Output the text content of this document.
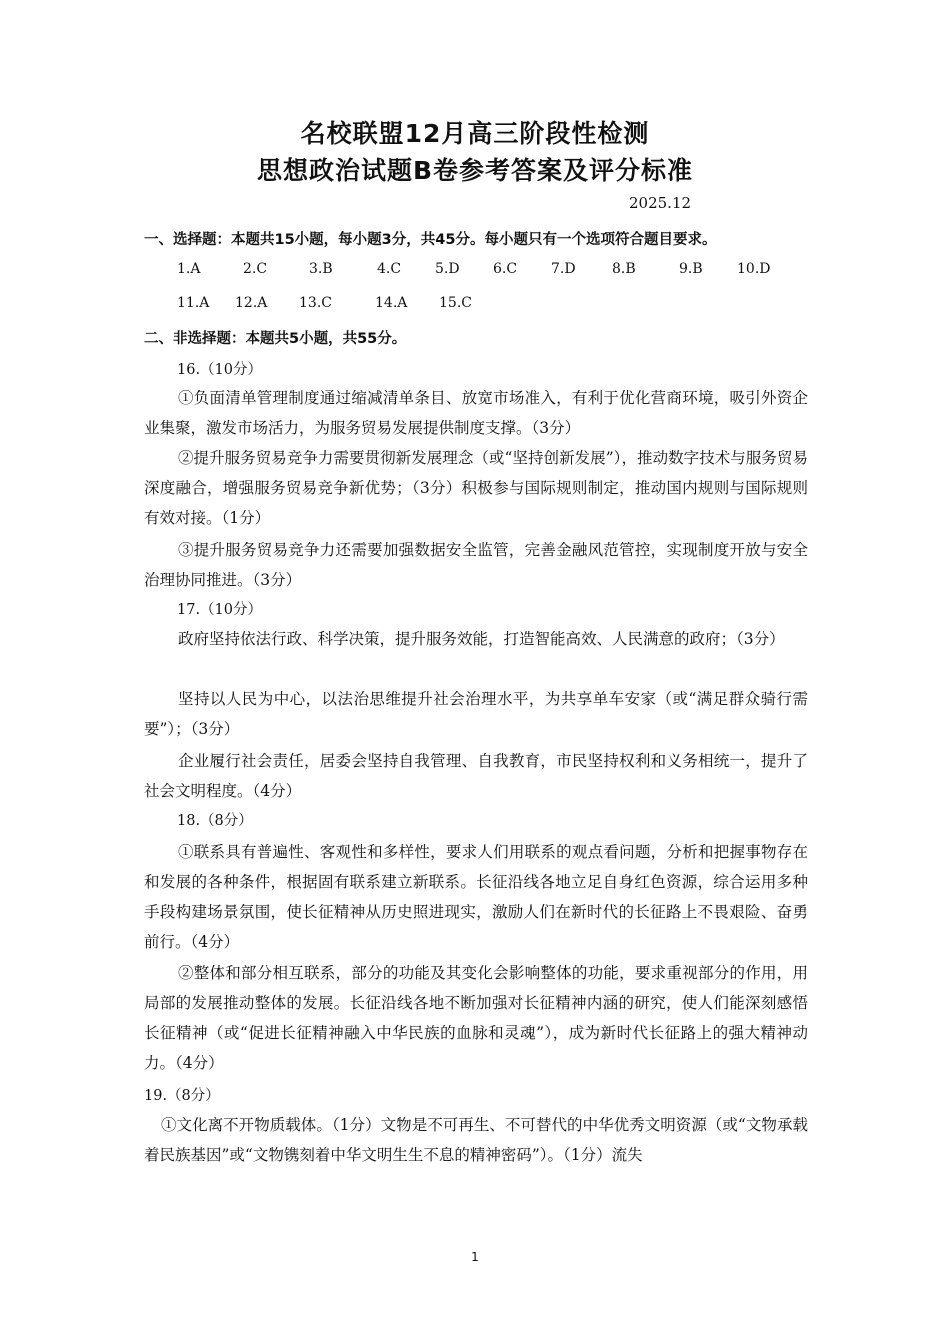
名校联盟12月高三阶段性检测
思想政治试题B卷参考答案及评分标准
2025.12
一、选择题：本题共15小题，每小题3分，共45分。每小题只有一个选项符合题目要求。
1.A	2.C	3.B	4.C	5.D	6.C	7.D	8.B	9.B	10.D
11.A	12.A	13.C	14.A	15.C
二、非选择题：本题共5小题，共55分。
16.（10分）
①负面清单管理制度通过缩减清单条目、放宽市场准入，有利于优化营商环境，吸引外资企业集聚，激发市场活力，为服务贸易发展提供制度支撑。（3分）
②提升服务贸易竞争力需要贯彻新发展理念（或“坚持创新发展”），推动数字技术与服务贸易深度融合，增强服务贸易竞争新优势；（3分）积极参与国际规则制定，推动国内规则与国际规则有效对接。（1分）
③提升服务贸易竞争力还需要加强数据安全监管，完善金融风范管控，实现制度开放与安全治理协同推进。（3分）
17.（10分）
政府坚持依法行政、科学决策，提升服务效能，打造智能高效、人民满意的政府；（3分）
坚持以人民为中心，以法治思维提升社会治理水平，为共享单车安家（或“满足群众骑行需要”）；（3分）
企业履行社会责任，居委会坚持自我管理、自我教育，市民坚持权利和义务相统一，提升了社会文明程度。（4分）
18.（8分）
①联系具有普遍性、客观性和多样性，要求人们用联系的观点看问题，分析和把握事物存在和发展的各种条件，根据固有联系建立新联系。长征沿线各地立足自身红色资源，综合运用多种手段构建场景氛围，使长征精神从历史照进现实，激励人们在新时代的长征路上不畏艰险、奋勇前行。（4分）
②整体和部分相互联系，部分的功能及其变化会影响整体的功能，要求重视部分的作用，用局部的发展推动整体的发展。长征沿线各地不断加强对长征精神内涵的研究，使人们能深刻感悟长征精神（或“促进长征精神融入中华民族的血脉和灵魂”），成为新时代长征路上的强大精神动力。（4分）
19.（8分）
①文化离不开物质载体。（1分）文物是不可再生、不可替代的中华优秀文明资源（或“文物承载着民族基因”或“文物镌刻着中华文明生生不息的精神密码”）。（1分）流失
1
